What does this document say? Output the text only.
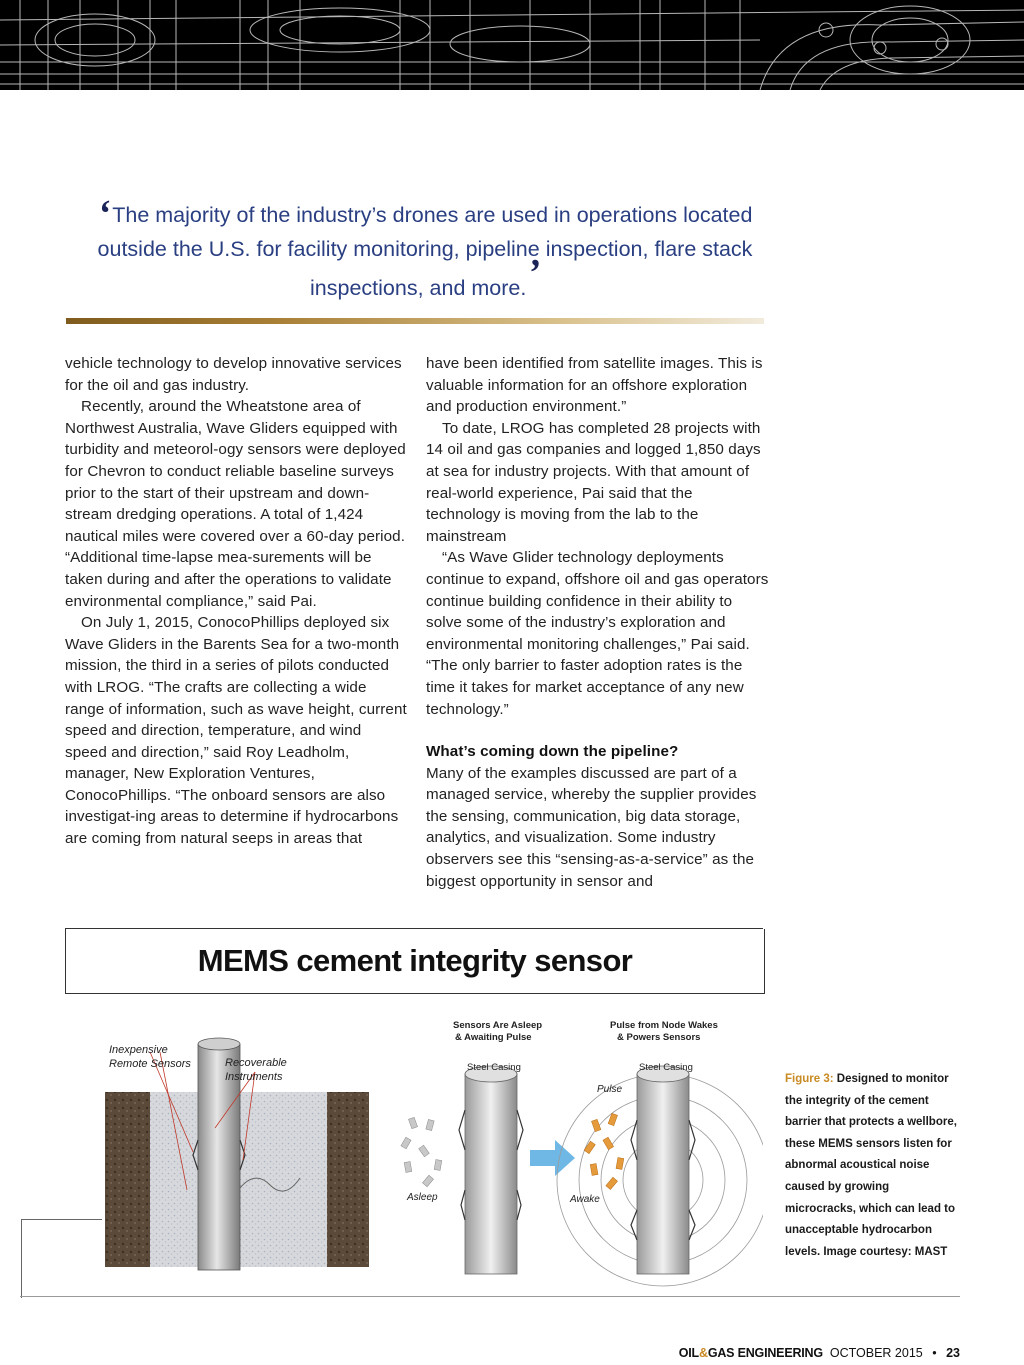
‘The majority of the industry’s drones are used in operations located outside the U.S. for facility monitoring, pipeline inspection, flare stack inspections, and more.’

vehicle technology to develop innovative services for the oil and gas industry.

Recently, around the Wheatstone area of Northwest Australia, Wave Gliders equipped with turbidity and meteorol-ogy sensors were deployed for Chevron to conduct reliable baseline surveys prior to the start of their upstream and down-stream dredging operations. A total of 1,424 nautical miles were covered over a 60-day period. “Additional time-lapse mea-surements will be taken during and after the operations to validate environmental compliance,” said Pai.

On July 1, 2015, ConocoPhillips deployed six Wave Gliders in the Barents Sea for a two-month mission, the third in a series of pilots conducted with LROG. “The crafts are collecting a wide range of information, such as wave height, current speed and direction, temperature, and wind speed and direction,” said Roy Leadholm, manager, New Exploration Ventures, ConocoPhillips. “The onboard sensors are also investigat-ing areas to determine if hydrocarbons are coming from natural seeps in areas that

have been identified from satellite images. This is valuable information for an offshore exploration and production environment.”

To date, LROG has completed 28 projects with 14 oil and gas companies and logged 1,850 days at sea for industry projects. With that amount of real-world experience, Pai said that the technology is moving from the lab to the mainstream

“As Wave Glider technology deployments continue to expand, offshore oil and gas operators continue building confidence in their ability to solve some of the industry’s exploration and environmental monitoring challenges,” Pai said. “The only barrier to faster adoption rates is the time it takes for market acceptance of any new technology.”

What’s coming down the pipeline?

Many of the examples discussed are part of a managed service, whereby the supplier provides the sensing, communication, big data storage, analytics, and visualization. Some industry observers see this “sensing-as-a-service” as the biggest opportunity in sensor and

MEMS cement integrity sensor
Inexpensive
Remote Sensors	Recoverable
Instruments
Sensors Are Asleep
& Awaiting Pulse
Steel Casing
Asleep
Pulse from Node Wakes
& Powers Sensors
Steel Casing
Pulse
Awake
Figure 3: Designed to monitor the integrity of the cement barrier that protects a wellbore, these MEMS sensors listen for abnormal acoustical noise caused by growing microcracks, which can lead to unacceptable hydrocarbon levels. Image courtesy: MAST
OIL&GAS ENGINEERING OCTOBER 2015 • 23
